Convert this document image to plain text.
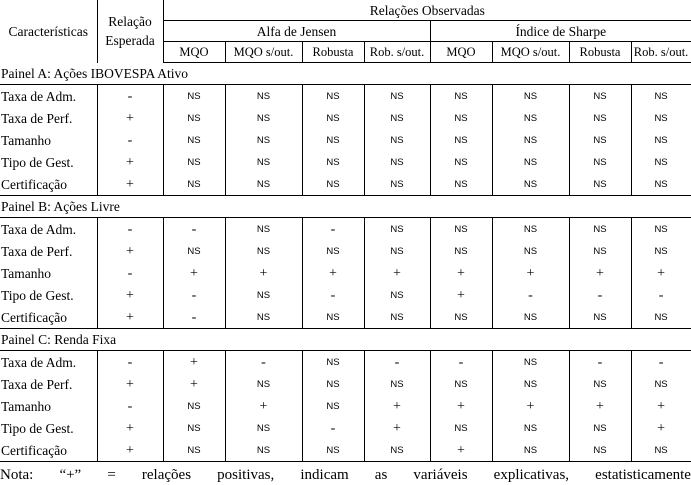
Características	Relação
Esperada	Relações Observadas							
		Alfa de Jensen				Índice de Sharpe			
		MQO	MQO s/out.	Robusta	Rob. s/out.	MQO	MQO s/out.	Robusta	Rob. s/out.
Painel A: Ações IBOVESPA Ativo									
Taxa de Adm.	-	NS	NS	NS	NS	NS	NS	NS	NS
Taxa de Perf.	+	NS	NS	NS	NS	NS	NS	NS	NS
Tamanho	-	NS	NS	NS	NS	NS	NS	NS	NS
Tipo de Gest.	+	NS	NS	NS	NS	NS	NS	NS	NS
Certificação	+	NS	NS	NS	NS	NS	NS	NS	NS
Painel B: Ações Livre									
Taxa de Adm.	-	-	NS	-	NS	NS	NS	NS	NS
Taxa de Perf.	+	NS	NS	NS	NS	NS	NS	NS	NS
Tamanho	-	+	+	+	+	+	+	+	+
Tipo de Gest.	+	-	NS	-	NS	+	-	-	-
Certificação	+	-	NS	NS	NS	NS	NS	NS	NS
Painel C: Renda Fixa									
Taxa de Adm.	-	+	-	NS	-	-	NS	-	-
Taxa de Perf.	+	+	NS	NS	NS	NS	NS	NS	NS
Tamanho	-	NS	+	NS	+	+	+	+	+
Tipo de Gest.	+	NS	NS	-	+	NS	NS	NS	+
Certificação	+	NS	NS	NS	NS	+	NS	NS	NS
Nota: “+” = relações positivas, indicam as variáveis explicativas, estatisticamente
